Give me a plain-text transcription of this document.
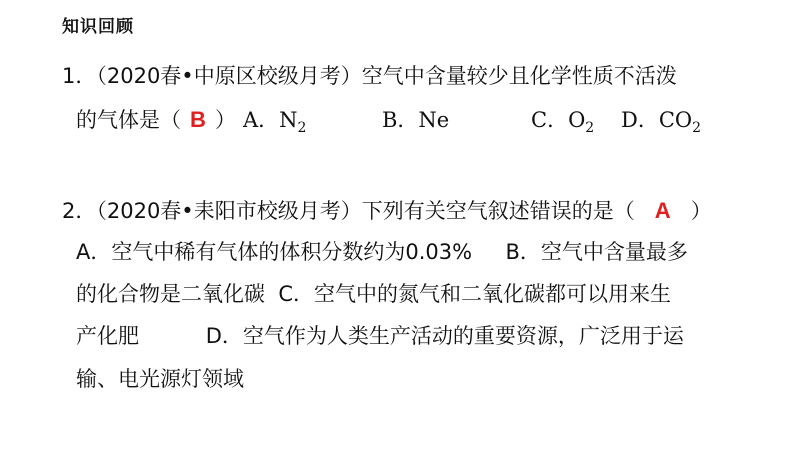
知识回顾
1．（2020春•中原区校级月考）空气中含量较少且化学性质不活泼
的气体是（ B ） A．$N_2$	B．Ne	C．$O_2$ D．$CO_2$
2．（2020春•耒阳市校级月考）下列有关空气叙述错误的是（ A ）
A．空气中稀有气体的体积分数约为0.03%     B．空气中含量最多
的化合物是二氧化碳  C．空气中的氮气和二氧化碳都可以用来生
产化肥          D．空气作为人类生产活动的重要资源，广泛用于运
输、电光源灯领域
